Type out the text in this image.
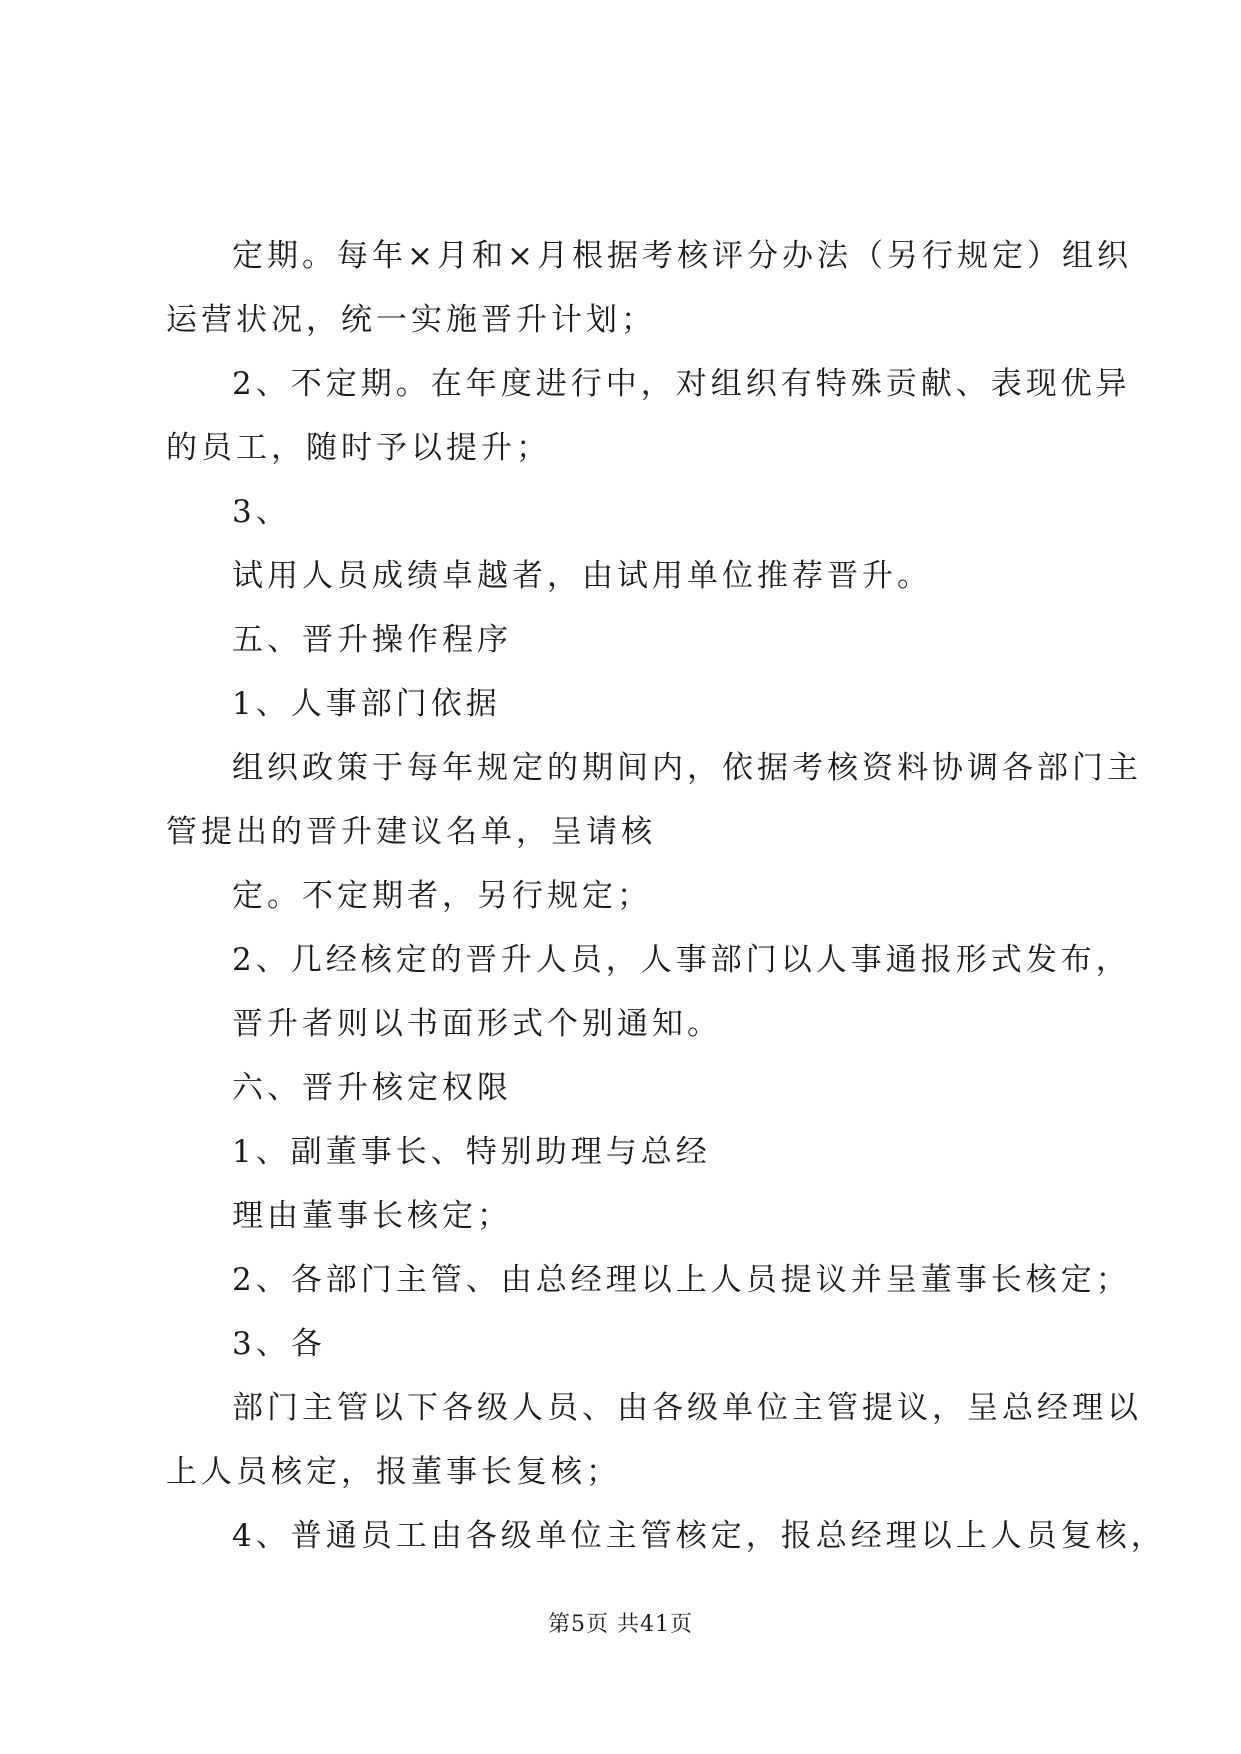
定期。每年×月和×月根据考核评分办法（另行规定）组织
运营状况，统一实施晋升计划；
2、不定期。在年度进行中，对组织有特殊贡献、表现优异
的员工，随时予以提升；
3、
试用人员成绩卓越者，由试用单位推荐晋升。
五、晋升操作程序
1、人事部门依据
组织政策于每年规定的期间内，依据考核资料协调各部门主
管提出的晋升建议名单，呈请核
定。不定期者，另行规定；
2、几经核定的晋升人员，人事部门以人事通报形式发布，
晋升者则以书面形式个别通知。
六、晋升核定权限
1、副董事长、特别助理与总经
理由董事长核定；
2、各部门主管、由总经理以上人员提议并呈董事长核定；
3、各
部门主管以下各级人员、由各级单位主管提议，呈总经理以
上人员核定，报董事长复核；
4、普通员工由各级单位主管核定，报总经理以上人员复核，
第5页 共41页
